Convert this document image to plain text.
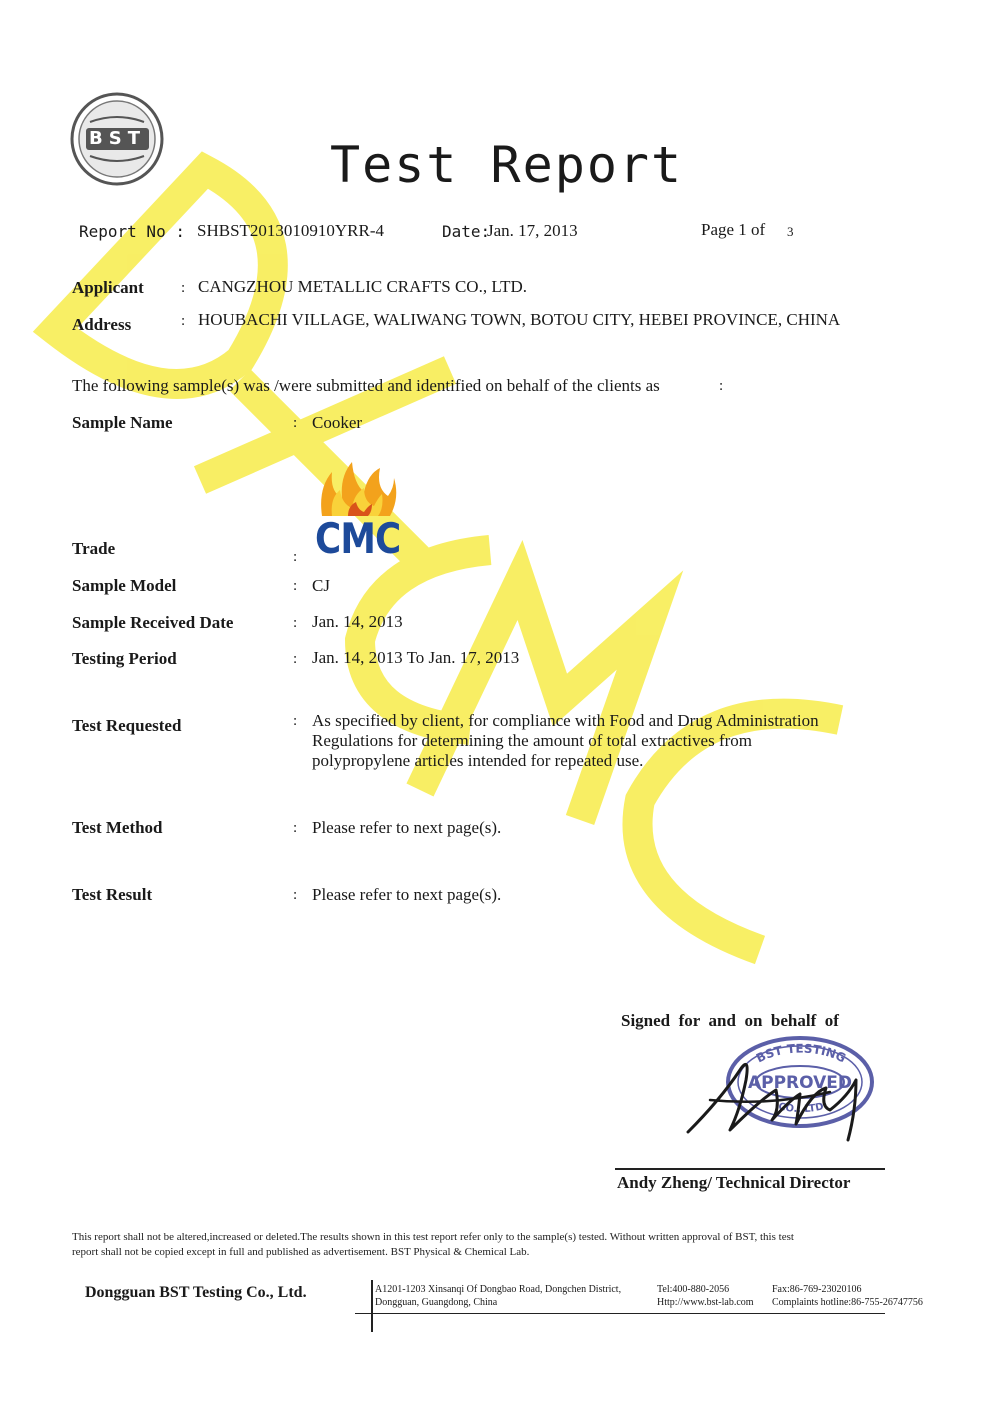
BST	Test Report
Report No : SHBST2013010910YRR-4	Date:
Jan. 17, 2013	Page 1 of 3
Applicant : CANGZHOU METALLIC CRAFTS CO., LTD.
Address	: HOUBACHI VILLAGE, WALIWANG TOWN, BOTOU CITY, HEBEI PROVINCE, CHINA
The following sample(s) was /were submitted and identified on behalf of the clients as	:
Sample Name	: Cooker
Trade	: CMC
Sample Model	: CJ
Sample Received Date	: Jan. 14, 2013
Testing Period	: Jan. 14, 2013 To Jan. 17, 2013
Test Requested	: As specified by client, for compliance with Food and Drug Administration
Regulations for determining the amount of total extractives from
polypropylene articles intended for repeated use.
Test Method	: Please refer to next page(s).
Test Result	: Please refer to next page(s).
Signed  for  and  on  behalf  of
BST TESTING
APPROVED
CO., LTD
Andy Zheng/ Technical Director
This report shall not be altered,increased or deleted.The results shown in this test report refer only to the sample(s) tested. Without written approval of BST, this test
report shall not be copied except in full and published as advertisement. BST Physical & Chemical Lab.
Dongguan BST Testing Co., Ltd.	A1201-1203 Xinsanqi Of Dongbao Road, Dongchen District,
Dongguan, Guangdong, China
Tel:400-880-2056
Http://www.bst-lab.com
Fax:86-769-23020106
Complaints hotline:86-755-26747756
